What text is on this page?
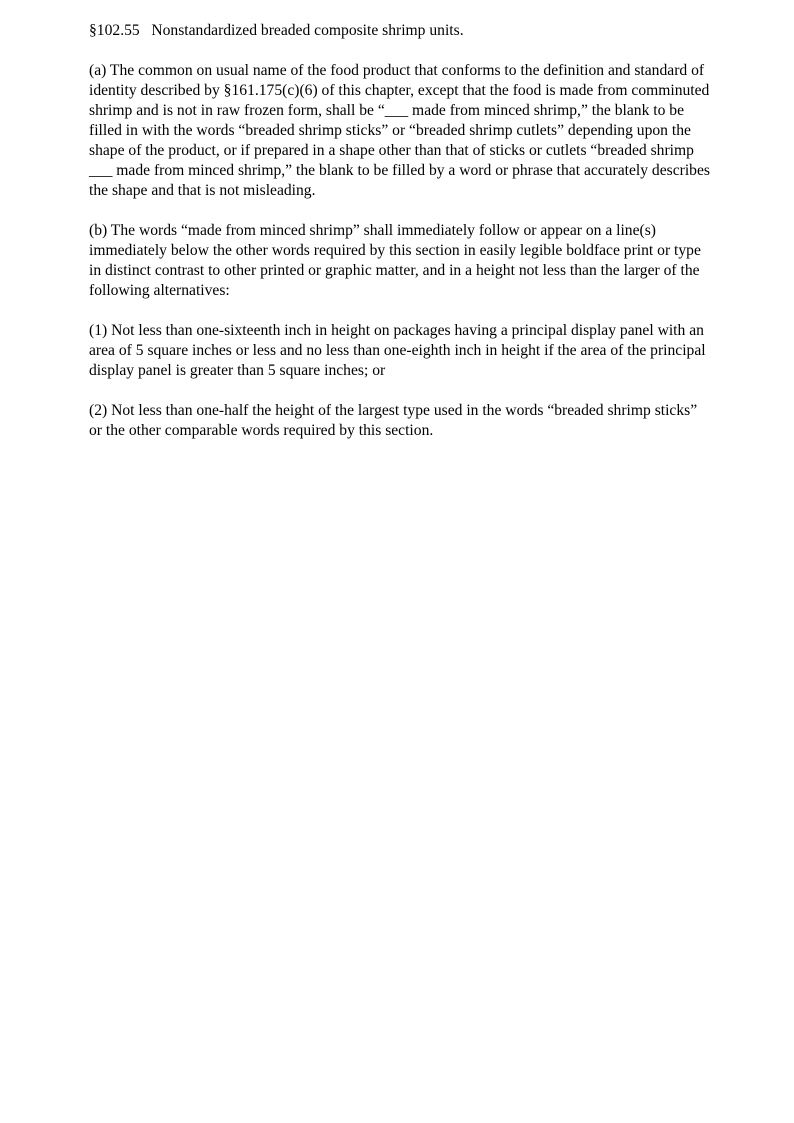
§102.55   Nonstandardized breaded composite shrimp units.

(a) The common on usual name of the food product that conforms to the definition and standard of identity described by §161.175(c)(6) of this chapter, except that the food is made from comminuted shrimp and is not in raw frozen form, shall be “___ made from minced shrimp,” the blank to be filled in with the words “breaded shrimp sticks” or “breaded shrimp cutlets” depending upon the shape of the product, or if prepared in a shape other than that of sticks or cutlets “breaded shrimp ___ made from minced shrimp,” the blank to be filled by a word or phrase that accurately describes the shape and that is not misleading.

(b) The words “made from minced shrimp” shall immediately follow or appear on a line(s) immediately below the other words required by this section in easily legible boldface print or type in distinct contrast to other printed or graphic matter, and in a height not less than the larger of the following alternatives:

(1) Not less than one-sixteenth inch in height on packages having a principal display panel with an area of 5 square inches or less and no less than one-eighth inch in height if the area of the principal display panel is greater than 5 square inches; or

(2) Not less than one-half the height of the largest type used in the words “breaded shrimp sticks” or the other comparable words required by this section.
